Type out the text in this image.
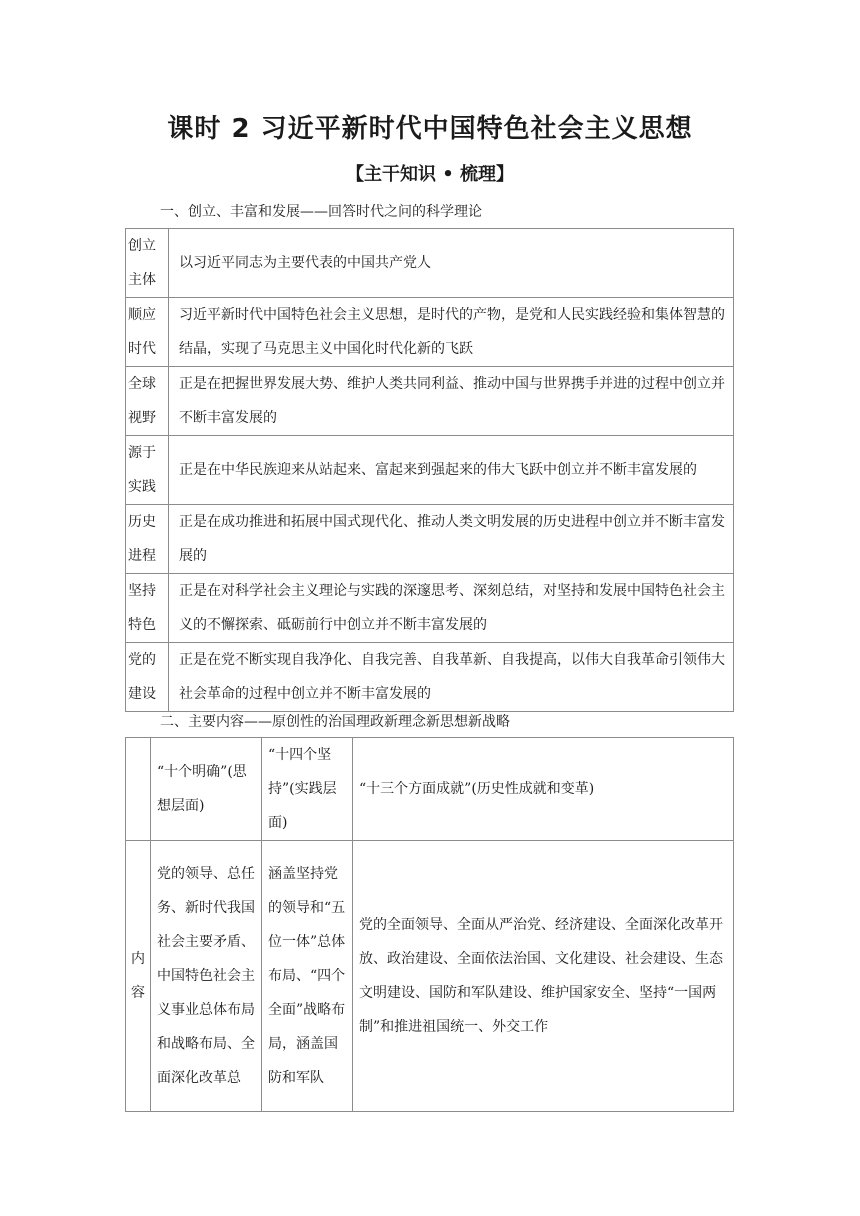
课时 2 习近平新时代中国特色社会主义思想
【主干知识 • 梳理】
一、创立、丰富和发展——回答时代之问的科学理论
创立主体	以习近平同志为主要代表的中国共产党人
顺应时代	习近平新时代中国特色社会主义思想，是时代的产物，是党和人民实践经验和集体智慧的结晶，实现了马克思主义中国化时代化新的飞跃
全球视野	正是在把握世界发展大势、维护人类共同利益、推动中国与世界携手并进的过程中创立并不断丰富发展的
源于实践	正是在中华民族迎来从站起来、富起来到强起来的伟大飞跃中创立并不断丰富发展的
历史进程	正是在成功推进和拓展中国式现代化、推动人类文明发展的历史进程中创立并不断丰富发展的
坚持特色	正是在对科学社会主义理论与实践的深邃思考、深刻总结，对坚持和发展中国特色社会主义的不懈探索、砥砺前行中创立并不断丰富发展的
党的建设	正是在党不断实现自我净化、自我完善、自我革新、自我提高，以伟大自我革命引领伟大社会革命的过程中创立并不断丰富发展的
二、主要内容——原创性的治国理政新理念新思想新战略
	“十个明确”(思想层面)	“十四个坚持”(实践层面)	“十三个方面成就”(历史性成就和变革)
内容	党的领导、总任务、新时代我国社会主要矛盾、中国特色社会主义事业总体布局和战略布局、全面深化改革总	涵盖坚持党的领导和“五位一体”总体布局、“四个全面”战略布局，涵盖国防和军队	党的全面领导、全面从严治党、经济建设、全面深化改革开放、政治建设、全面依法治国、文化建设、社会建设、生态文明建设、国防和军队建设、维护国家安全、坚持“一国两制”和推进祖国统一、外交工作
